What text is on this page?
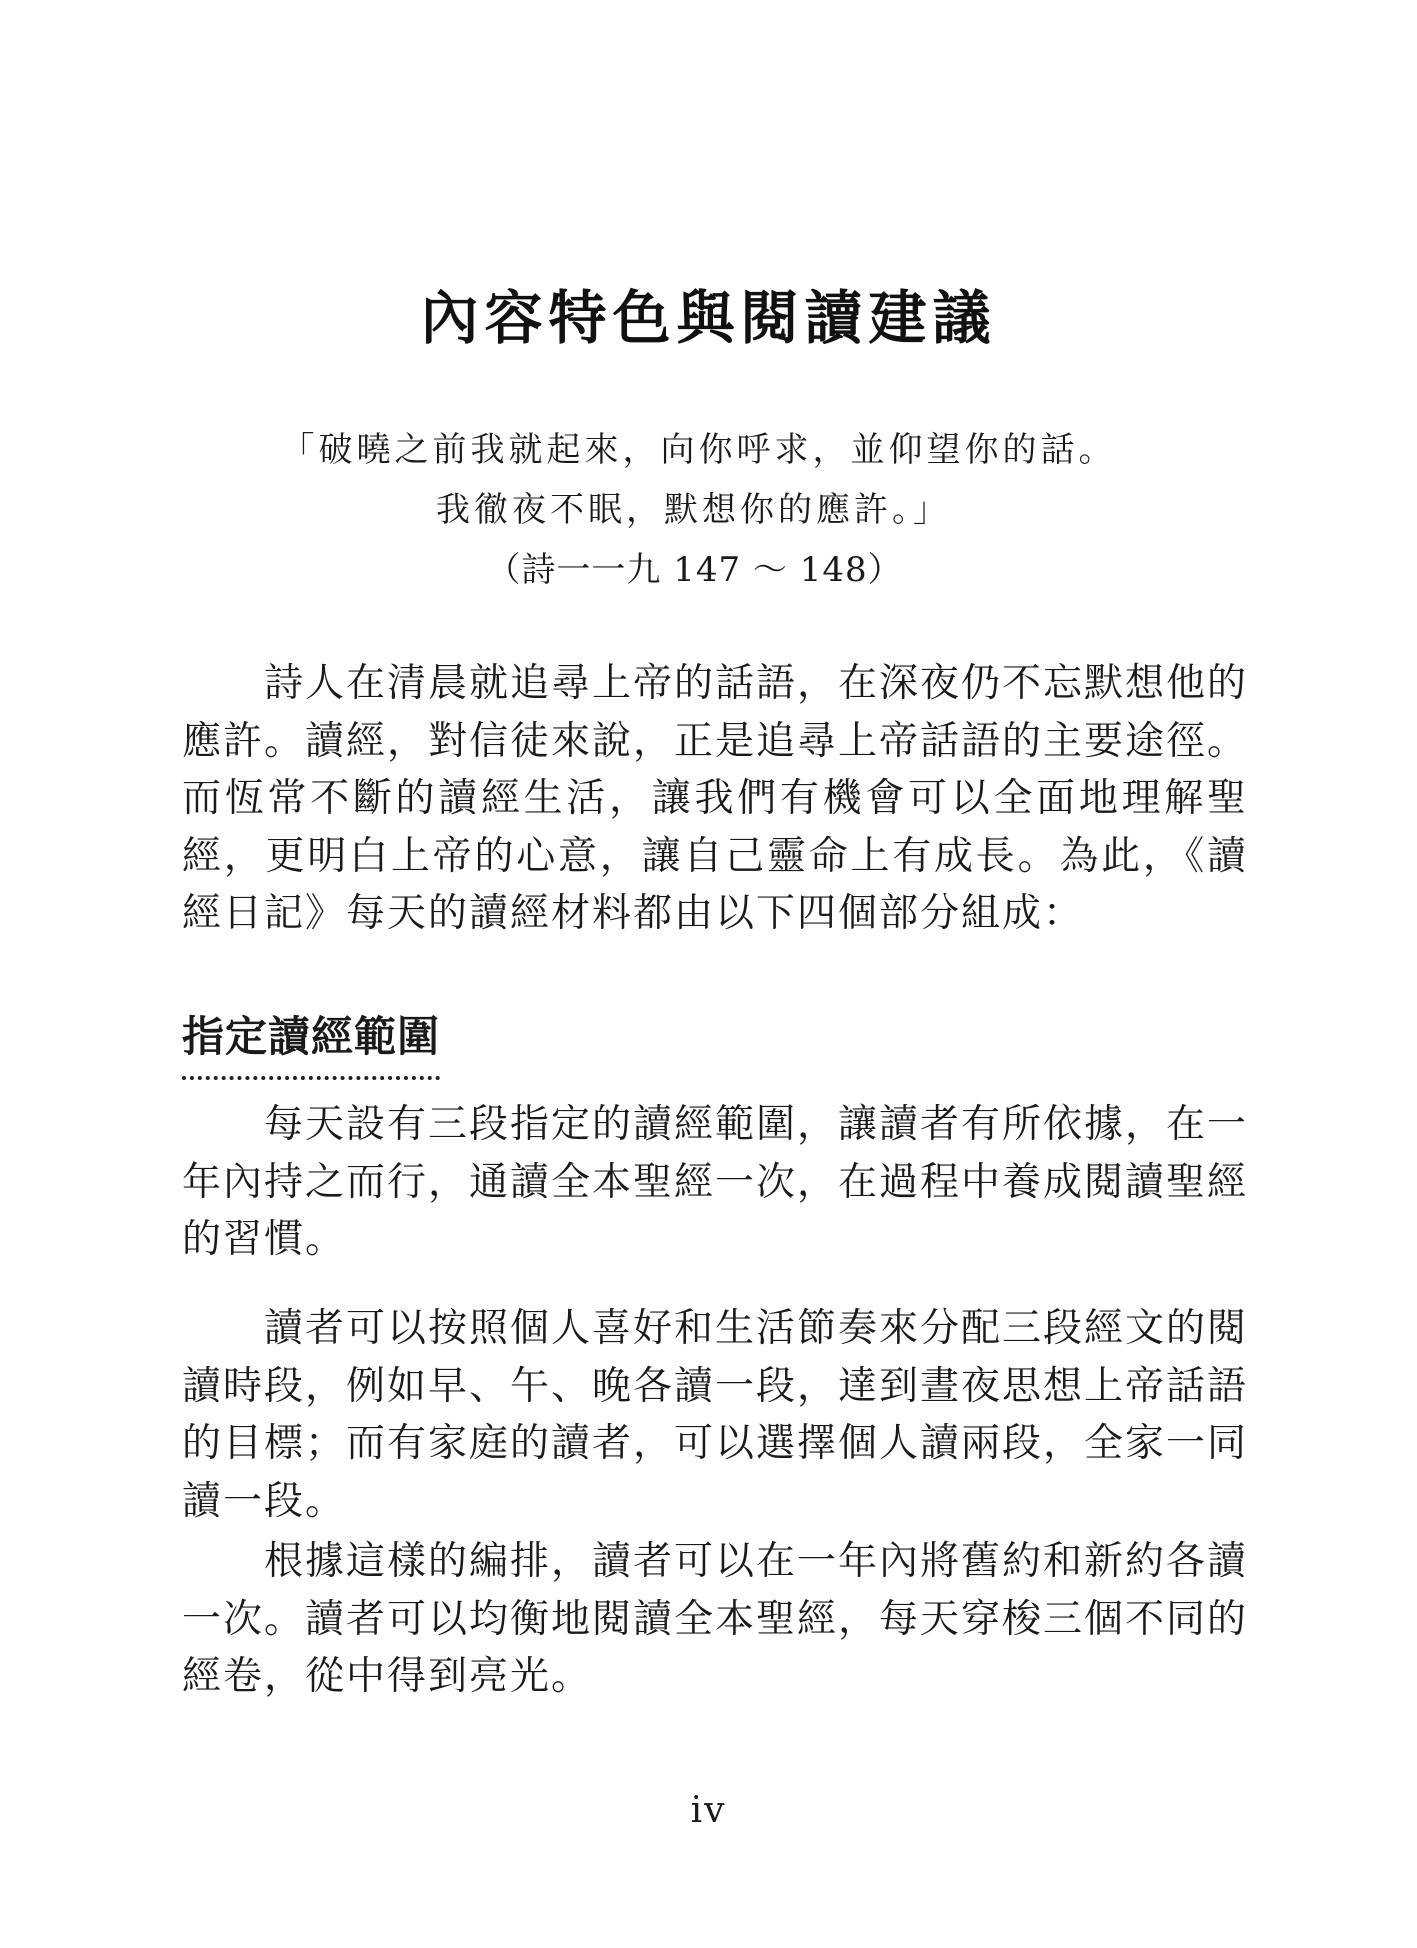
內容特色與閱讀建議
「破曉之前我就起來，向你呼求，並仰望你的話。
我徹夜不眠，默想你的應許。」
（詩一一九 147 ～ 148）

詩人在清晨就追尋上帝的話語，在深夜仍不忘默想他的應許。讀經，對信徒來說，正是追尋上帝話語的主要途徑。而恆常不斷的讀經生活，讓我們有機會可以全面地理解聖經，更明白上帝的心意，讓自己靈命上有成長。為此，《讀經日記》每天的讀經材料都由以下四個部分組成：

指定讀經範圍

每天設有三段指定的讀經範圍，讓讀者有所依據，在一年內持之而行，通讀全本聖經一次，在過程中養成閱讀聖經的習慣。

讀者可以按照個人喜好和生活節奏來分配三段經文的閱讀時段，例如早、午、晚各讀一段，達到晝夜思想上帝話語的目標；而有家庭的讀者，可以選擇個人讀兩段，全家一同讀一段。

根據這樣的編排，讀者可以在一年內將舊約和新約各讀一次。讀者可以均衡地閱讀全本聖經，每天穿梭三個不同的經卷，從中得到亮光。

iv
